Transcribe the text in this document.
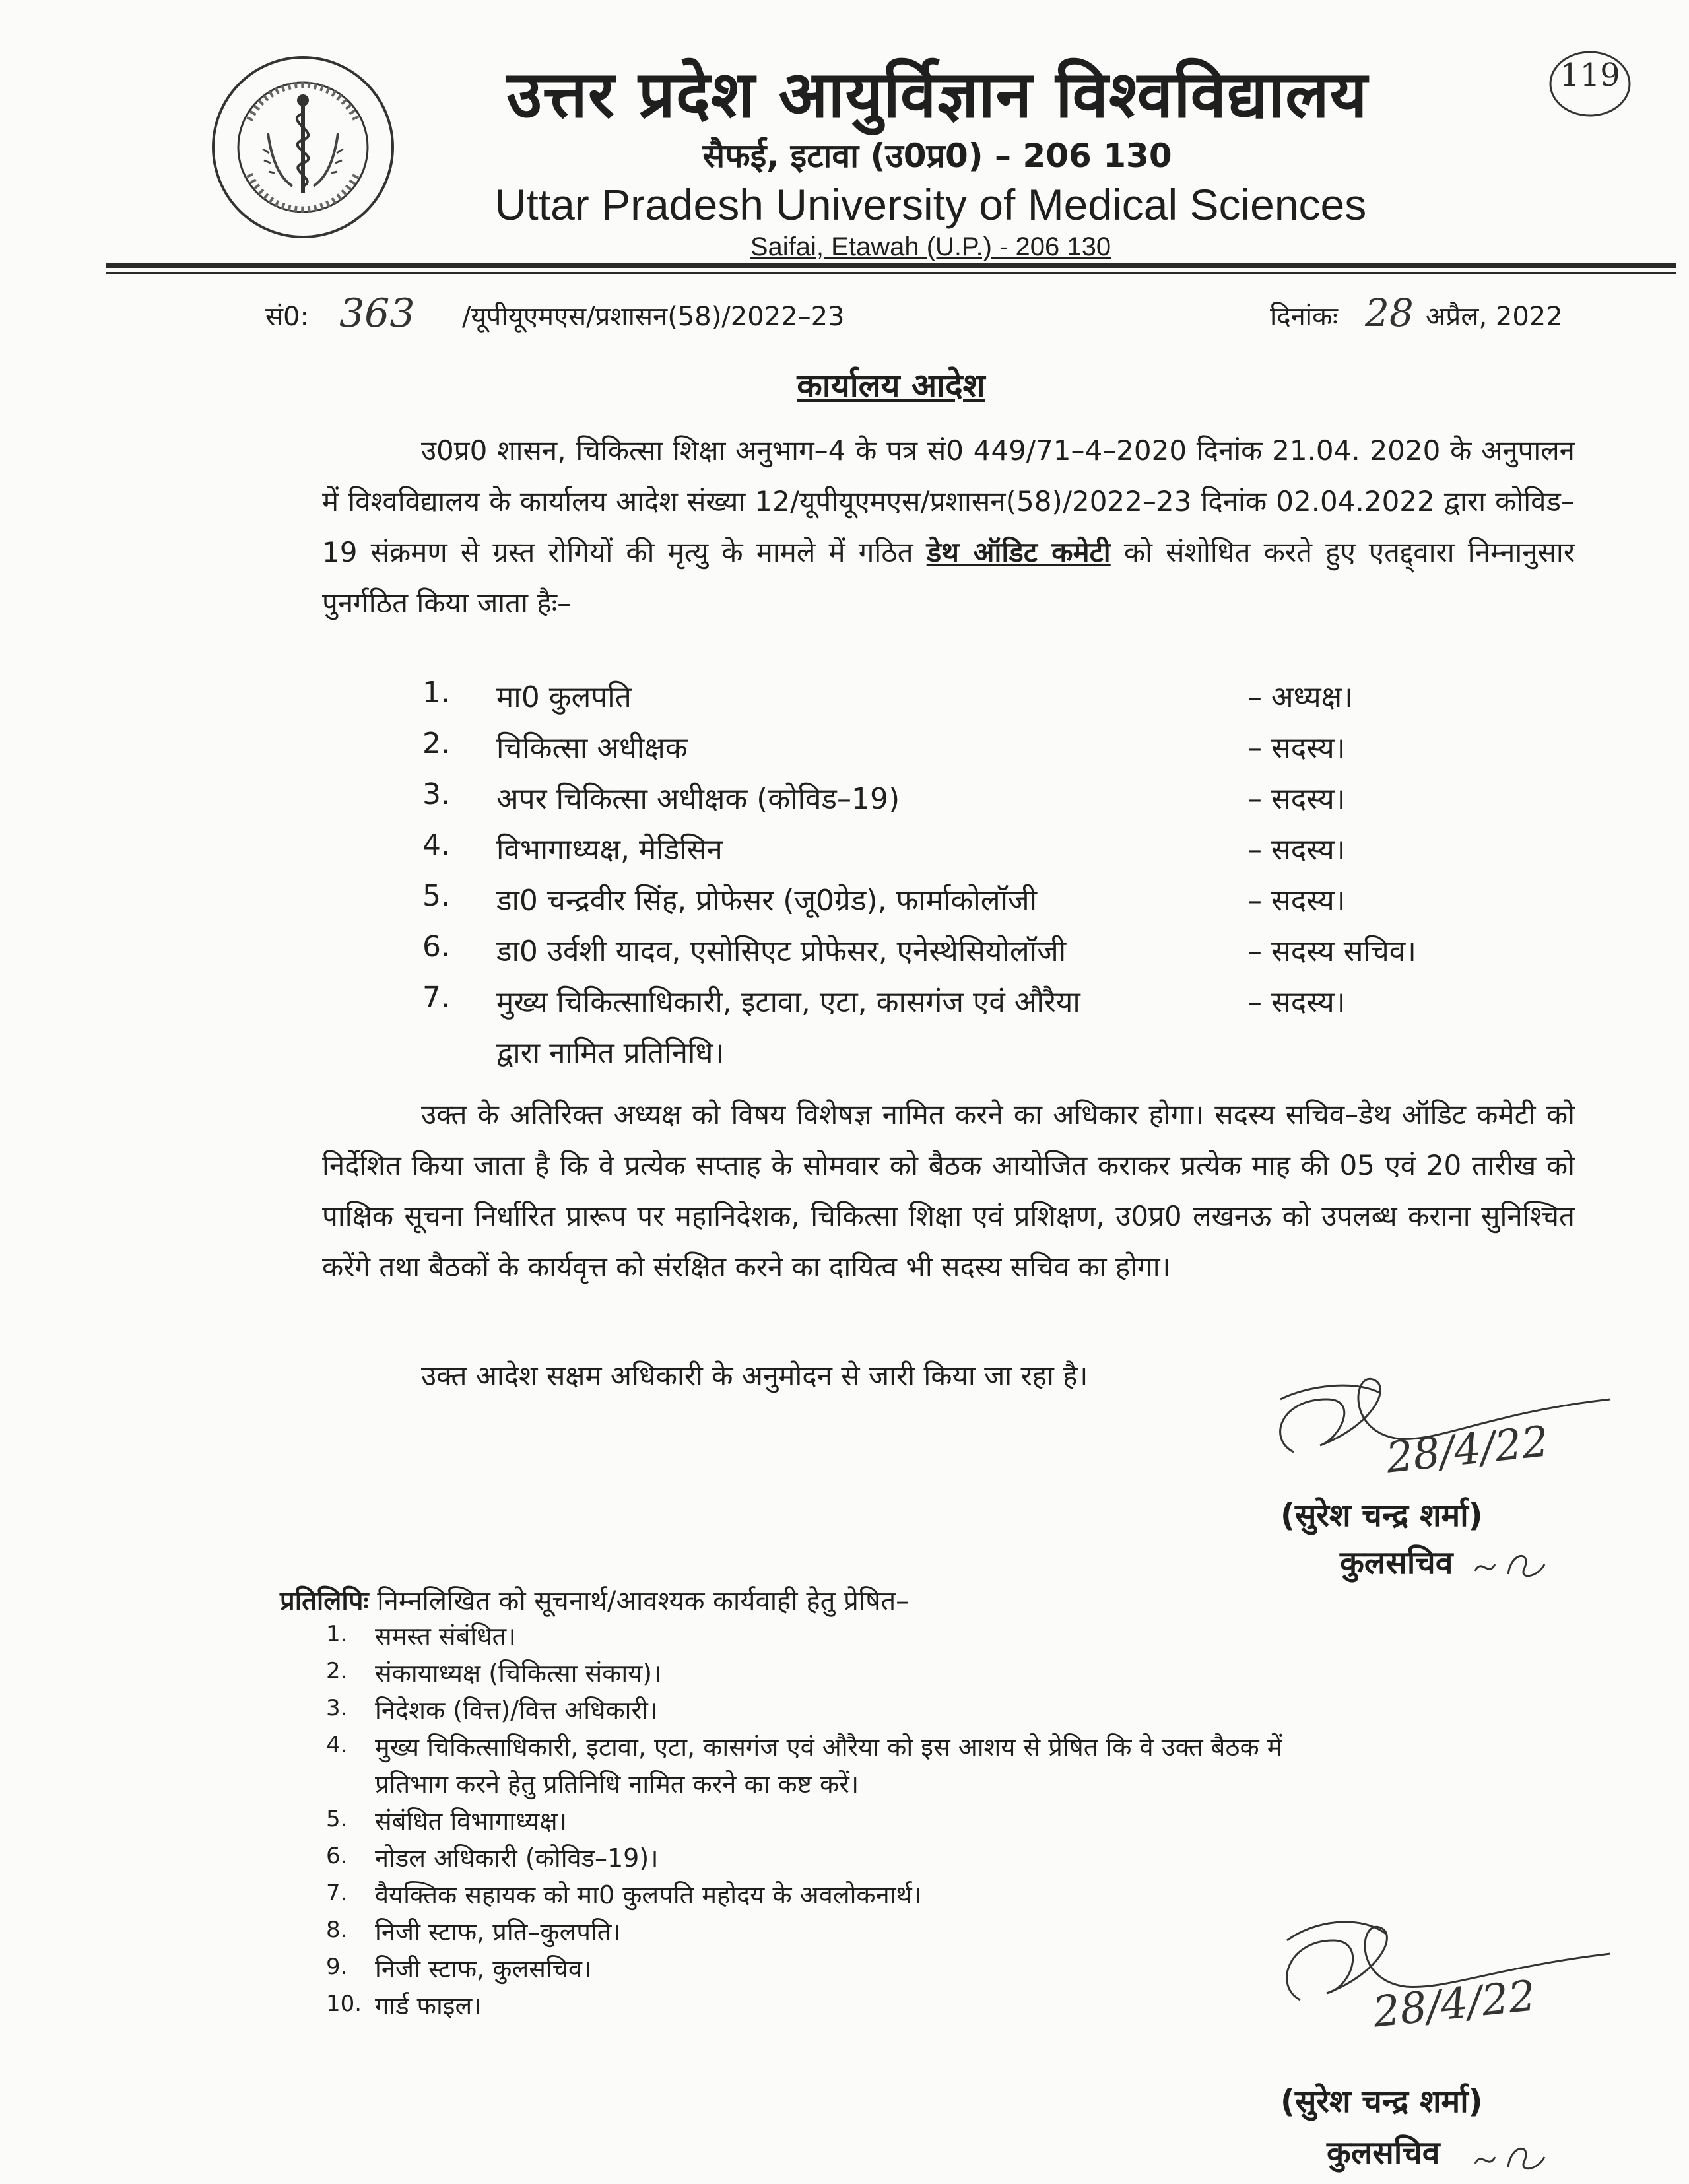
119
उत्तर प्रदेश आयुर्विज्ञान विश्वविद्यालय
सैफई, इटावा (उ0प्र0) – 206 130
Uttar Pradesh University of Medical Sciences
Saifai, Etawah (U.P.) - 206 130
सं0: 363 /यूपीयूएमएस/प्रशासन(58)/2022–23	दिनांकः 28 अप्रैल, 2022
कार्यालय आदेश
उ0प्र0 शासन, चिकित्सा शिक्षा अनुभाग–4 के पत्र सं0 449/71–4–2020 दिनांक 21.04. 2020 के अनुपालन में विश्वविद्यालय के कार्यालय आदेश संख्या 12/यूपीयूएमएस/प्रशासन(58)/2022–23 दिनांक 02.04.2022 द्वारा कोविड–19 संक्रमण से ग्रस्त रोगियों की मृत्यु के मामले में गठित डेथ ऑडिट कमेटी को संशोधित करते हुए एतद्द्वारा निम्नानुसार पुनर्गठित किया जाता हैः–
1.	मा0 कुलपति	– अध्यक्ष।
2.	चिकित्सा अधीक्षक	– सदस्य।
3.	अपर चिकित्सा अधीक्षक (कोविड–19)	– सदस्य।
4.	विभागाध्यक्ष, मेडिसिन	– सदस्य।
5.	डा0 चन्द्रवीर सिंह, प्रोफेसर (जू0ग्रेड), फार्माकोलॉजी	– सदस्य।
6.	डा0 उर्वशी यादव, एसोसिएट प्रोफेसर, एनेस्थेसियोलॉजी	– सदस्य सचिव।
7.	मुख्य चिकित्साधिकारी, इटावा, एटा, कासगंज एवं औरैया	– सदस्य।
द्वारा नामित प्रतिनिधि।
उक्त के अतिरिक्त अध्यक्ष को विषय विशेषज्ञ नामित करने का अधिकार होगा। सदस्य सचिव–डेथ ऑडिट कमेटी को निर्देशित किया जाता है कि वे प्रत्येक सप्ताह के सोमवार को बैठक आयोजित कराकर प्रत्येक माह की 05 एवं 20 तारीख को पाक्षिक सूचना निर्धारित प्रारूप पर महानिदेशक, चिकित्सा शिक्षा एवं प्रशिक्षण, उ0प्र0 लखनऊ को उपलब्ध कराना सुनिश्चित करेंगे तथा बैठकों के कार्यवृत्त को संरक्षित करने का दायित्व भी सदस्य सचिव का होगा।
उक्त आदेश सक्षम अधिकारी के अनुमोदन से जारी किया जा रहा है।
28/4/22
(सुरेश चन्द्र शर्मा)
कुलसचिव
प्रतिलिपिः निम्नलिखित को सूचनार्थ/आवश्यक कार्यवाही हेतु प्रेषित–
1.	समस्त संबंधित।
2.	संकायाध्यक्ष (चिकित्सा संकाय)।
3.	निदेशक (वित्त)/वित्त अधिकारी।
4.	मुख्य चिकित्साधिकारी, इटावा, एटा, कासगंज एवं औरैया को इस आशय से प्रेषित कि वे उक्त बैठक में
प्रतिभाग करने हेतु प्रतिनिधि नामित करने का कष्ट करें।
5.	संबंधित विभागाध्यक्ष।
6.	नोडल अधिकारी (कोविड–19)।
7.	वैयक्तिक सहायक को मा0 कुलपति महोदय के अवलोकनार्थ।
8.	निजी स्टाफ, प्रति–कुलपति।
9.	निजी स्टाफ, कुलसचिव।
10. गार्ड फाइल।	28/4/22
(सुरेश चन्द्र शर्मा)
कुलसचिव
